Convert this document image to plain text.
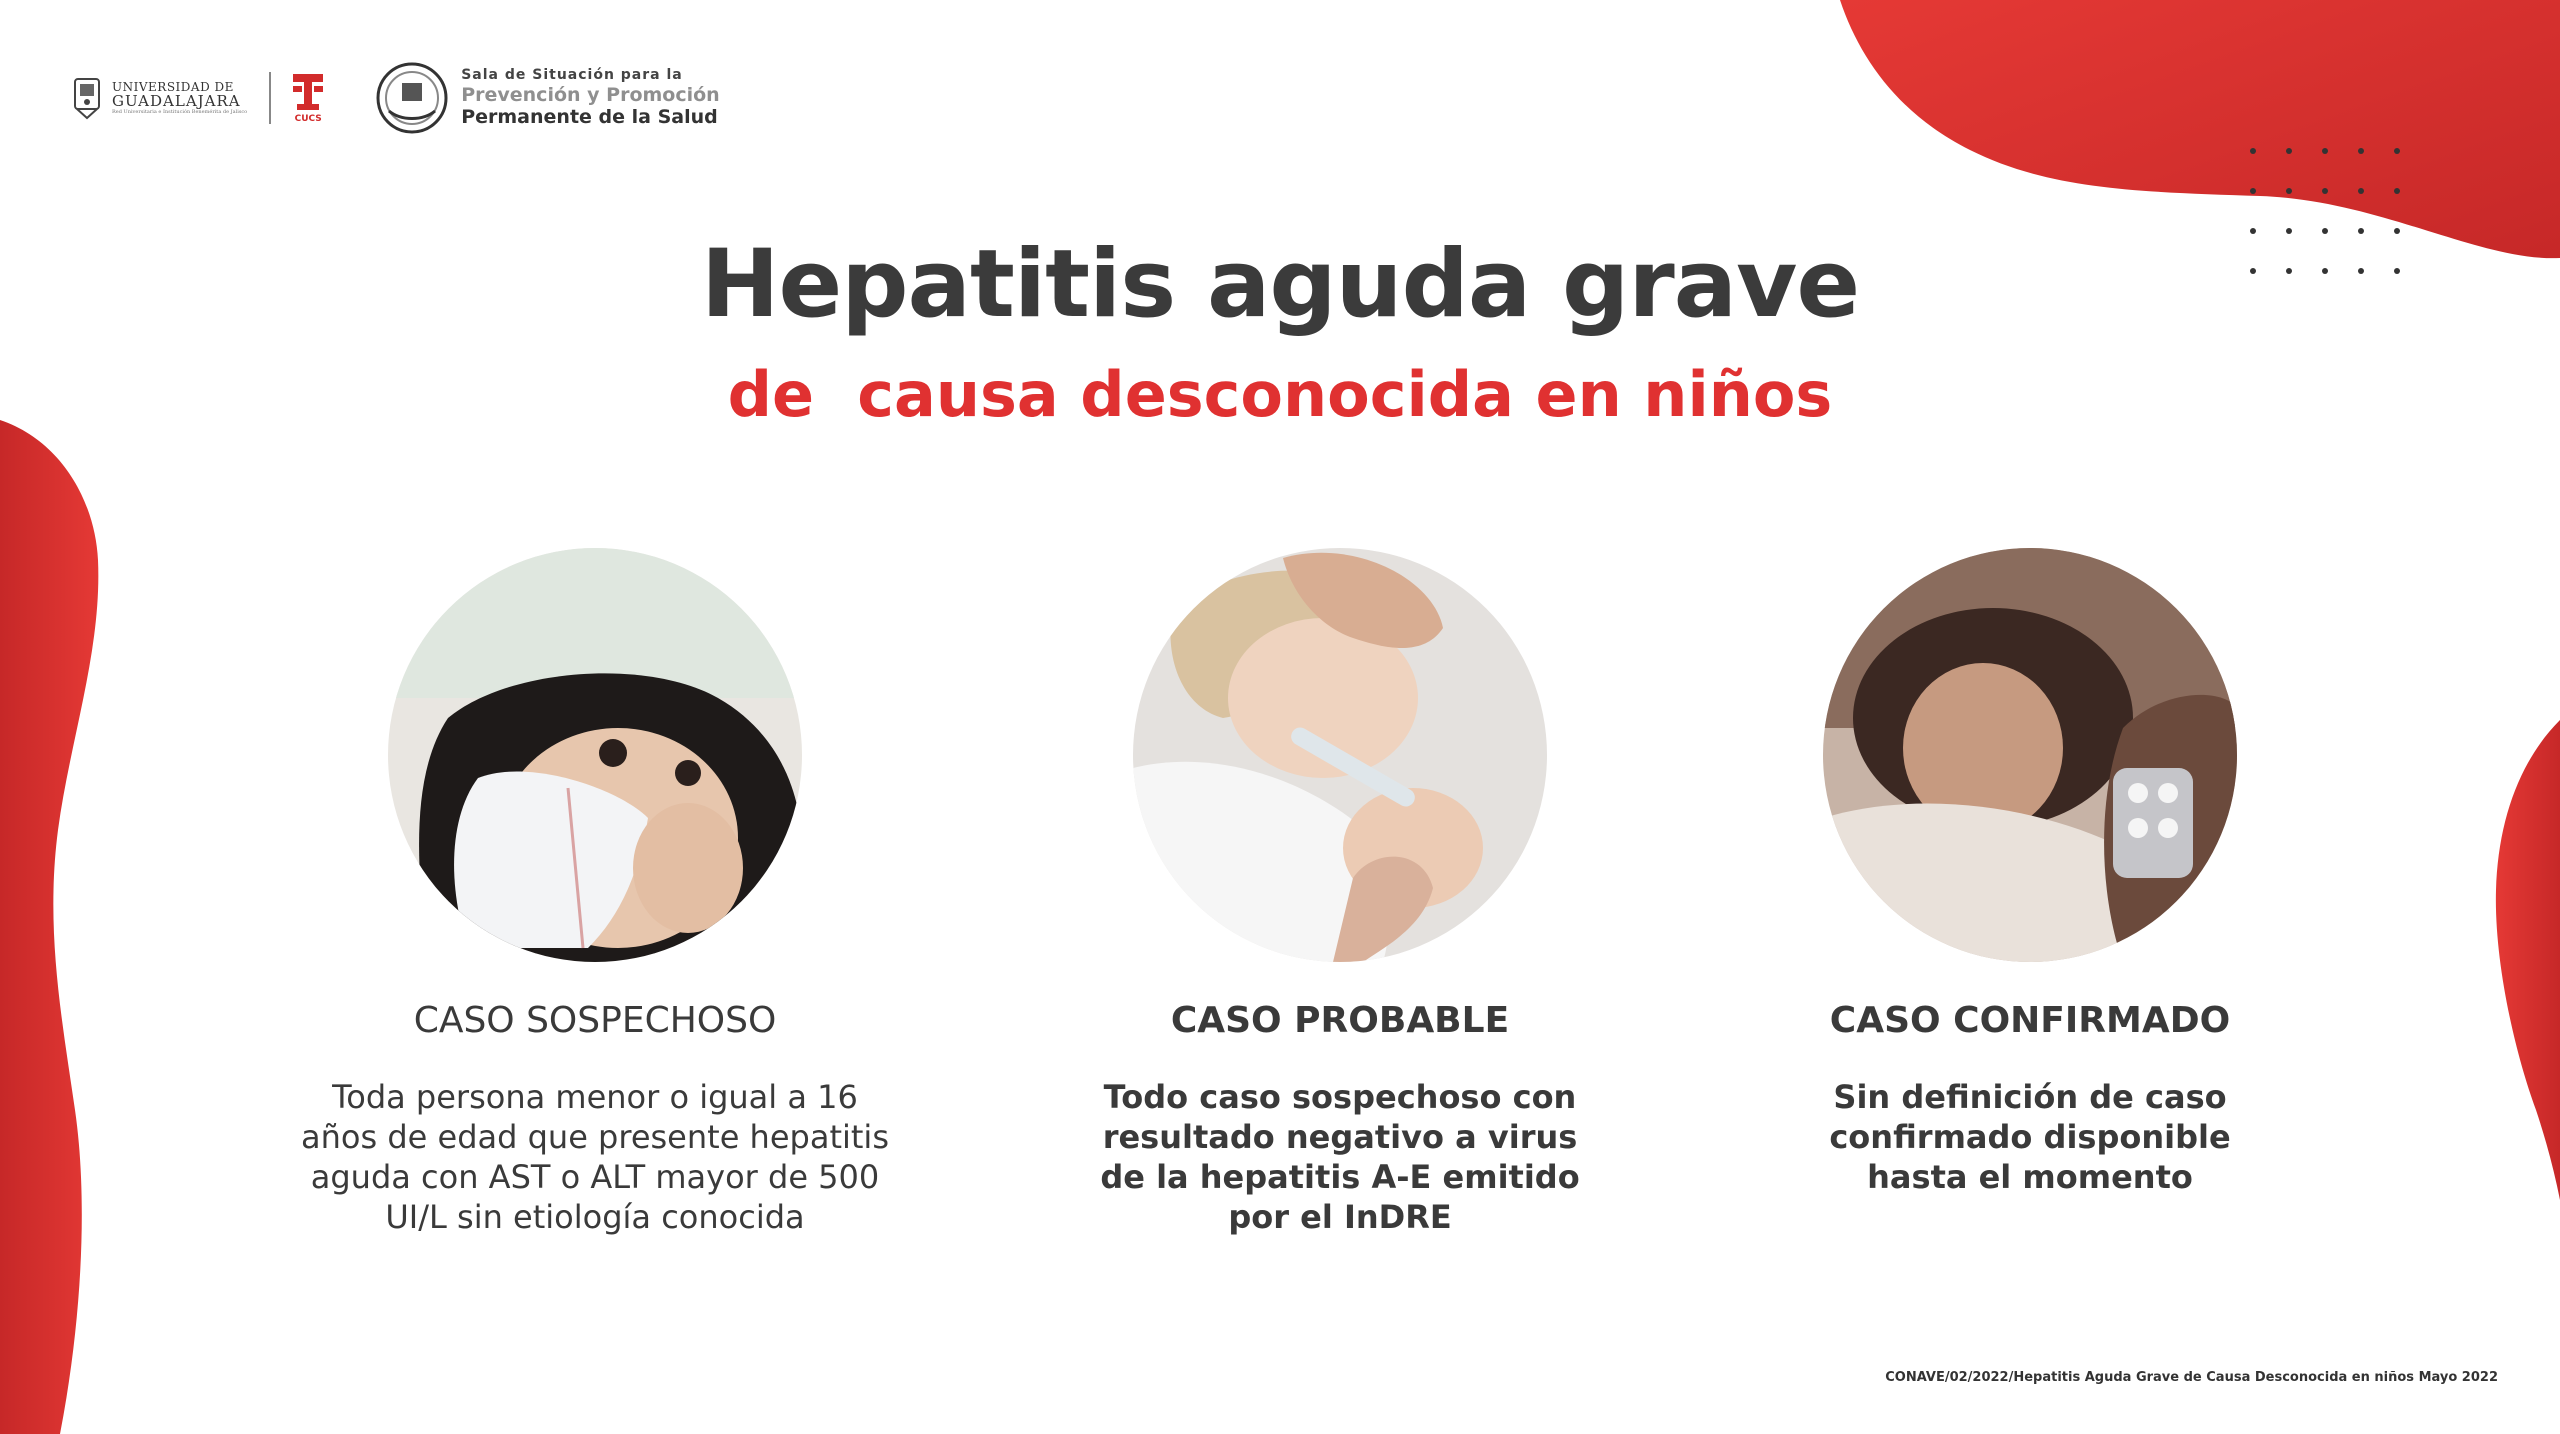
UNIVERSIDAD DE
GUADALAJARA
Red Universitaria e Institución Benemérita de Jalisco
CUCS
Sala de Situación para la
Prevención y Promoción
Permanente de la Salud
Hepatitis aguda grave
de  causa desconocida en niños
CASO SOSPECHOSO
Toda persona menor o igual a 16
años de edad que presente hepatitis
aguda con AST o ALT mayor de 500
UI/L sin etiología conocida
CASO PROBABLE
Todo caso sospechoso con
resultado negativo a virus
de la hepatitis A-E emitido
por el InDRE
CASO CONFIRMADO
Sin definición de caso
confirmado disponible
hasta el momento
CONAVE/02/2022/Hepatitis Aguda Grave de Causa Desconocida en niños Mayo 2022
